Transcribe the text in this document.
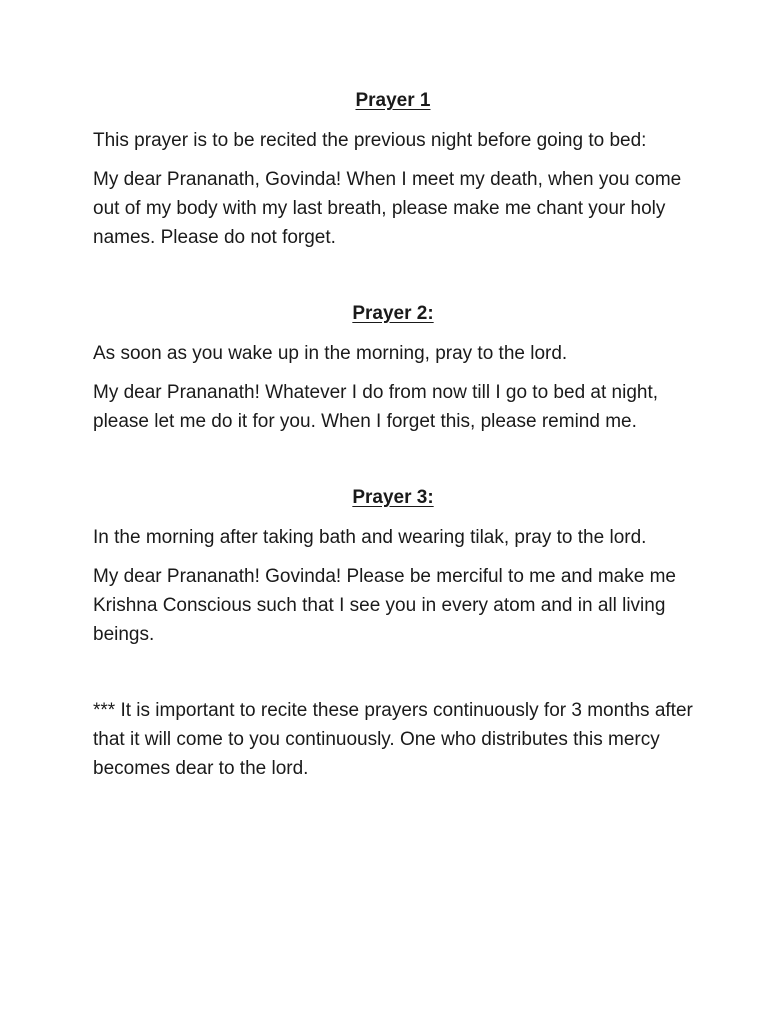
Prayer 1

This prayer is to be recited the previous night before going to bed:

My dear Prananath, Govinda! When I meet my death, when you come out of my body with my last breath, please make me chant your holy names. Please do not forget.

Prayer 2:

As soon as you wake up in the morning, pray to the lord.

My dear Prananath! Whatever I do from now till I go to bed at night, please let me do it for you. When I forget this, please remind me.

Prayer 3:

In the morning after taking bath and wearing tilak, pray to the lord.

My dear Prananath! Govinda! Please be merciful to me and make me Krishna Conscious such that I see you in every atom and in all living beings.

*** It is important to recite these prayers continuously for 3 months after that it will come to you continuously. One who distributes this mercy becomes dear to the lord.
